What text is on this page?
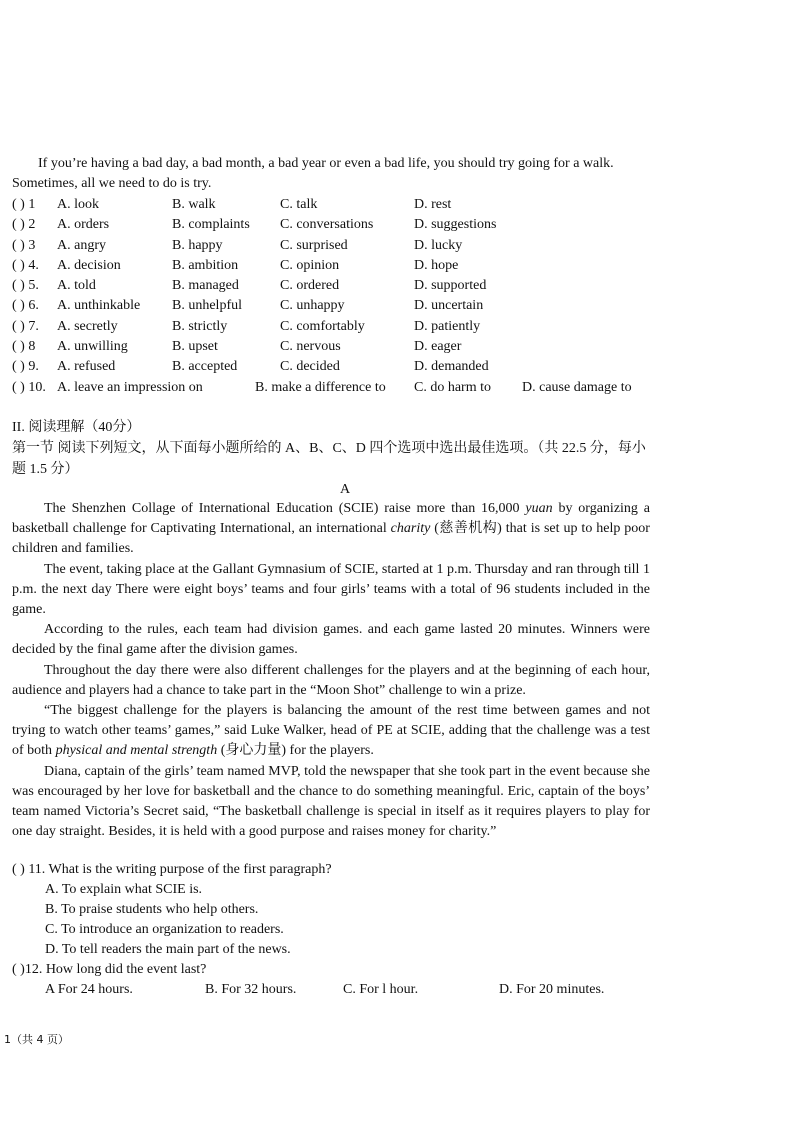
If you’re having a bad day, a bad month, a bad year or even a bad life, you should try going for a walk. Sometimes, all we need to do is try.

( ) 1 A. look	B. walk	C. talk	D. rest
( ) 2 A. orders	B. complaints C. conversations	D. suggestions
( ) 3 A. angry	B. happy	C. surprised	D. lucky
( ) 4. A. decision	B. ambition	C. opinion	D. hope
( ) 5. A. told	B. managed	C. ordered	D. supported
( ) 6. A. unthinkable B. unhelpful	C. unhappy	D. uncertain
( ) 7. A. secretly	B. strictly	C. comfortably	D. patiently
( ) 8 A. unwilling	B. upset	C. nervous	D. eager
( ) 9. A. refused	B. accepted	C. decided	D. demanded
( ) 10. A. leave an impression on	B. make a difference to C. do harm to D. cause damage to
II. 阅读理解（40分）
第一节 阅读下列短文，从下面每小题所给的 A、B、C、D 四个选项中选出最佳选项。（共 22.5 分，每小题 1.5 分）
A

The Shenzhen Collage of International Education (SCIE) raise more than 16,000 yuan by organizing a basketball challenge for Captivating International, an international charity (慈善机构) that is set up to help poor children and families.

The event, taking place at the Gallant Gymnasium of SCIE, started at 1 p.m. Thursday and ran through till 1 p.m. the next day There were eight boys’ teams and four girls’ teams with a total of 96 students included in the game.

According to the rules, each team had division games. and each game lasted 20 minutes. Winners were decided by the final game after the division games.

Throughout the day there were also different challenges for the players and at the beginning of each hour, audience and players had a chance to take part in the “Moon Shot” challenge to win a prize.

“The biggest challenge for the players is balancing the amount of the rest time between games and not trying to watch other teams’ games,” said Luke Walker, head of PE at SCIE, adding that the challenge was a test of both physical and mental strength (身心力量) for the players.

Diana, captain of the girls’ team named MVP, told the newspaper that she took part in the event because she was encouraged by her love for basketball and the chance to do something meaningful. Eric, captain of the boys’ team named Victoria’s Secret said, “The basketball challenge is special in itself as it requires players to play for one day straight. Besides, it is held with a good purpose and raises money for charity.”

( ) 11. What is the writing purpose of the first paragraph?
A. To explain what SCIE is.
B. To praise students who help others.
C. To introduce an organization to readers.
D. To tell readers the main part of the news.
( )12. How long did the event last?
A For 24 hours.	B. For 32 hours.	C. For l hour.	D. For 20 minutes.
1（共 4 页）
